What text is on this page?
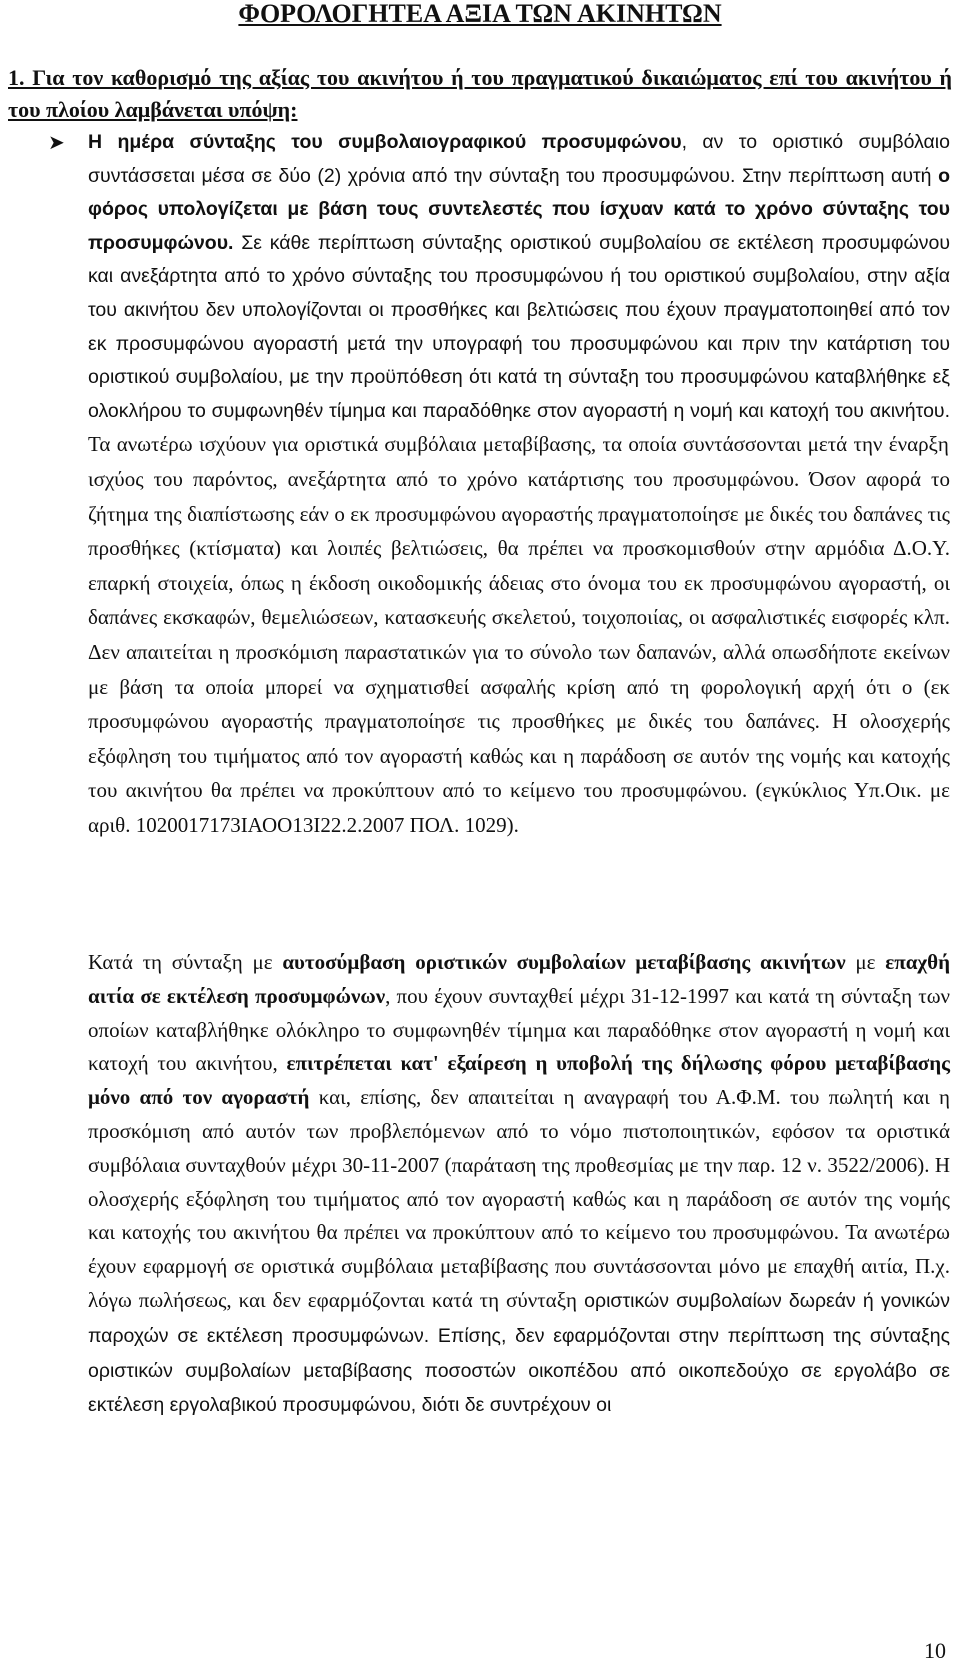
ΦΟΡΟΛΟΓΗΤΕΑ ΑΞΙΑ ΤΩΝ ΑΚΙΝΗΤΩΝ
1. Για τον καθορισμό της αξίας του ακινήτου ή του πραγματικού δικαιώματος επί του ακινήτου ή του πλοίου λαμβάνεται υπόψη:
➤ Η ημέρα σύνταξης του συμβολαιογραφικού προσυμφώνου, αν το οριστικό συμβόλαιο συντάσσεται μέσα σε δύο (2) χρόνια από την σύνταξη του προσυμφώνου. Στην περίπτωση αυτή ο φόρος υπολογίζεται με βάση τους συντελεστές που ίσχυαν κατά το χρόνο σύνταξης του προσυμφώνου. Σε κάθε περίπτωση σύνταξης οριστικού συμβολαίου σε εκτέλεση προσυμφώνου και ανεξάρτητα από το χρόνο σύνταξης του προσυμφώνου ή του οριστικού συμβολαίου, στην αξία του ακινήτου δεν υπολογίζονται οι προσθήκες και βελτιώσεις που έχουν πραγματοποιηθεί από τον εκ προσυμφώνου αγοραστή μετά την υπογραφή του προσυμφώνου και πριν την κατάρτιση του οριστικού συμβολαίου, με την προϋπόθεση ότι κατά τη σύνταξη του προσυμφώνου καταβλήθηκε εξ ολοκλήρου το συμφωνηθέν τίμημα και παραδόθηκε στον αγοραστή η νομή και κατοχή του ακινήτου. Τα ανωτέρω ισχύουν για οριστικά συμβόλαια μεταβίβασης, τα οποία συντάσσονται μετά την έναρξη ισχύος του παρόντος, ανεξάρτητα από το χρόνο κατάρτισης του προσυμφώνου. Όσον αφορά το ζήτημα της διαπίστωσης εάν ο εκ προσυμφώνου αγοραστής πραγματοποίησε με δικές του δαπάνες τις προσθήκες (κτίσματα) και λοιπές βελτιώσεις, θα πρέπει να προσκομισθούν στην αρμόδια Δ.Ο.Υ. επαρκή στοιχεία, όπως η έκδοση οικοδομικής άδειας στο όνομα του εκ προσυμφώνου αγοραστή, οι δαπάνες εκσκαφών, θεμελιώσεων, κατασκευής σκελετού, τοιχοποιίας, οι ασφαλιστικές εισφορές κλπ. Δεν απαιτείται η προσκόμιση παραστατικών για το σύνολο των δαπανών, αλλά οπωσδήποτε εκείνων με βάση τα οποία μπορεί να σχηματισθεί ασφαλής κρίση από τη φορολογική αρχή ότι ο (εκ προσυμφώνου αγοραστής πραγματοποίησε τις προσθήκες με δικές του δαπάνες. Η ολοσχερής εξόφληση του τιμήματος από τον αγοραστή καθώς και η παράδοση σε αυτόν της νομής και κατοχής του ακινήτου θα πρέπει να προκύπτουν από το κείμενο του προσυμφώνου. (εγκύκλιος Υπ.Οικ. με αριθ. 1020017173ΙΑΟΟ13Ι22.2.2007 ΠΟΛ. 1029).
Κατά τη σύνταξη με αυτοσύμβαση οριστικών συμβολαίων μεταβίβασης ακινήτων με επαχθή αιτία σε εκτέλεση προσυμφώνων, που έχουν συνταχθεί μέχρι 31-12-1997 και κατά τη σύνταξη των οποίων καταβλήθηκε ολόκληρο το συμφωνηθέν τίμημα και παραδόθηκε στον αγοραστή η νομή και κατοχή του ακινήτου, επιτρέπεται κατ' εξαίρεση η υποβολή της δήλωσης φόρου μεταβίβασης μόνο από τον αγοραστή και, επίσης, δεν απαιτείται η αναγραφή του Α.Φ.Μ. του πωλητή και η προσκόμιση από αυτόν των προβλεπόμενων από το νόμο πιστοποιητικών, εφόσον τα οριστικά συμβόλαια συνταχθούν μέχρι 30-11-2007 (παράταση της προθεσμίας με την παρ. 12 ν. 3522/2006). Η ολοσχερής εξόφληση του τιμήματος από τον αγοραστή καθώς και η παράδοση σε αυτόν της νομής και κατοχής του ακινήτου θα πρέπει να προκύπτουν από το κείμενο του προσυμφώνου. Τα ανωτέρω έχουν εφαρμογή σε οριστικά συμβόλαια μεταβίβασης που συντάσσονται μόνο με επαχθή αιτία, Π.χ. λόγω πωλήσεως, και δεν εφαρμόζονται κατά τη σύνταξη οριστικών συμβολαίων δωρεάν ή γονικών παροχών σε εκτέλεση προσυμφώνων. Επίσης, δεν εφαρμόζονται στην περίπτωση της σύνταξης οριστικών συμβολαίων μεταβίβασης ποσοστών οικοπέδου από οικοπεδούχο σε εργολάβο σε εκτέλεση εργολαβικού προσυμφώνου, διότι δε συντρέχουν οι
10
